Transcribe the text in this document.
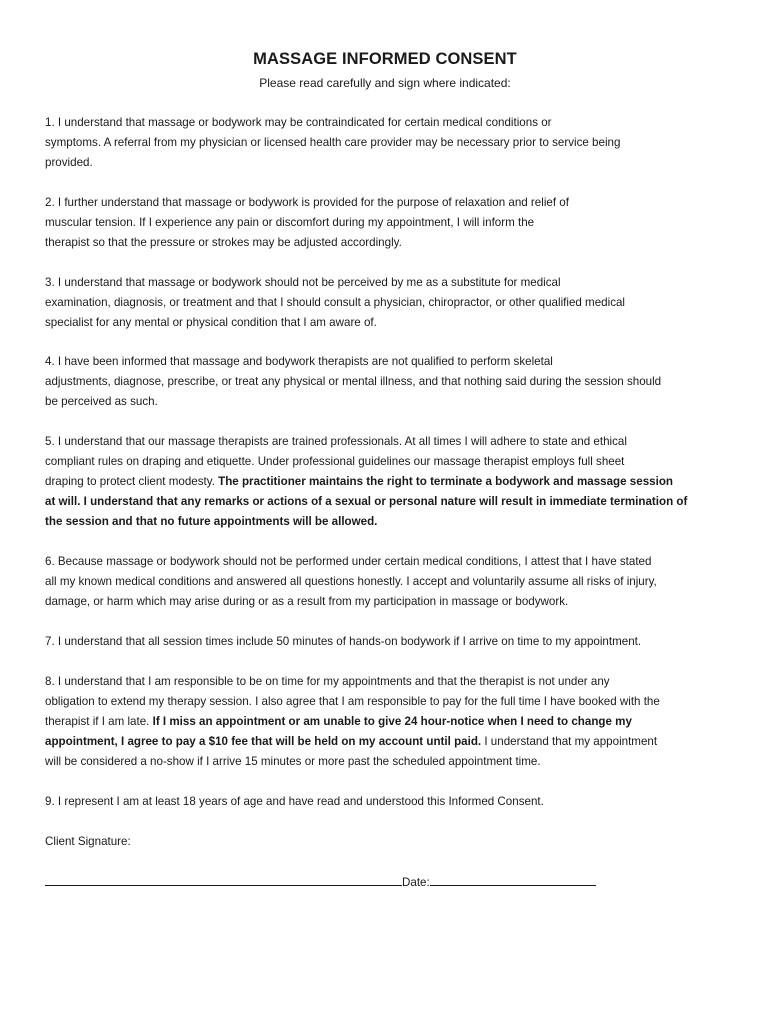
MASSAGE INFORMED CONSENT
Please read carefully and sign where indicated:

1. I understand that massage or bodywork may be contraindicated for certain medical conditions or
symptoms. A referral from my physician or licensed health care provider may be necessary prior to service being
provided.

2. I further understand that massage or bodywork is provided for the purpose of relaxation and relief of
muscular tension. If I experience any pain or discomfort during my appointment, I will inform the
therapist so that the pressure or strokes may be adjusted accordingly.

3. I understand that massage or bodywork should not be perceived by me as a substitute for medical
examination, diagnosis, or treatment and that I should consult a physician, chiropractor, or other qualified medical
specialist for any mental or physical condition that I am aware of.

4. I have been informed that massage and bodywork therapists are not qualified to perform skeletal
adjustments, diagnose, prescribe, or treat any physical or mental illness, and that nothing said during the session should
be perceived as such.

5. I understand that our massage therapists are trained professionals. At all times I will adhere to state and ethical
compliant rules on draping and etiquette. Under professional guidelines our massage therapist employs full sheet
draping to protect client modesty. The practitioner maintains the right to terminate a bodywork and massage session
at will. I understand that any remarks or actions of a sexual or personal nature will result in immediate termination of
the session and that no future appointments will be allowed.

6. Because massage or bodywork should not be performed under certain medical conditions, I attest that I have stated
all my known medical conditions and answered all questions honestly. I accept and voluntarily assume all risks of injury,
damage, or harm which may arise during or as a result from my participation in massage or bodywork.

7. I understand that all session times include 50 minutes of hands-on bodywork if I arrive on time to my appointment.

8. I understand that I am responsible to be on time for my appointments and that the therapist is not under any
obligation to extend my therapy session. I also agree that I am responsible to pay for the full time I have booked with the
therapist if I am late. If I miss an appointment or am unable to give 24 hour-notice when I need to change my
appointment, I agree to pay a $10 fee that will be held on my account until paid. I understand that my appointment
will be considered a no-show if I arrive 15 minutes or more past the scheduled appointment time.

9. I represent I am at least 18 years of age and have read and understood this Informed Consent.

Client Signature:
Date:
